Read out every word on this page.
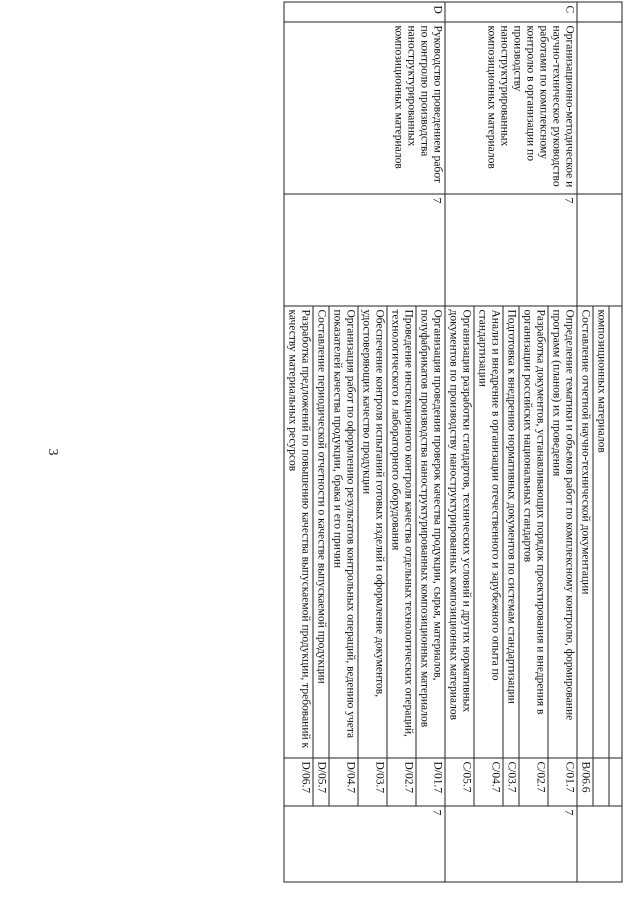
3

			композиционных материалов		
			Составление отчетной научно-технической документации	B/06.6	
C	Организационно-методическое и научно-техническое руководство работами по комплексному контролю в организации по производству наноструктурированных композиционных материалов	7	Определение тематики и объемов работ по комплексному контролю, формирование программ (планов) их проведения	C/01.7	7
			Разработка документов, устанавливающих порядок проектирования и внедрения в организации российских национальных стандартов	C/02.7	
			Подготовка к внедрению нормативных документов по системам стандартизации	C/03.7	
			Анализ и внедрение в организации отечественного и зарубежного опыта по стандартизации	C/04.7	
			Организация разработки стандартов, технических условий и других нормативных документов по производству наноструктурированных композиционных материалов	C/05.7	
D	Руководство проведением работ по контролю производства наноструктурированных композиционных материалов	7	Организация проведения проверок качества продукции, сырья, материалов, полуфабрикатов производства наноструктурированных композиционных материалов	D/01.7	7
			Проведение инспекционного контроля качества отдельных технологических операций, технологического и лабораторного оборудования	D/02.7	
			Обеспечение контроля испытаний готовых изделий и оформление документов, удостоверяющих качество продукции	D/03.7	
			Организация работ по оформлению результатов контрольных операций, ведению учета показателей качества продукции, брака и его причин	D/04.7	
			Составление периодической отчетности о качестве выпускаемой продукции	D/05.7	
			Разработка предложений по повышению качества выпускаемой продукции, требований к качеству материальных ресурсов	D/06.7	
